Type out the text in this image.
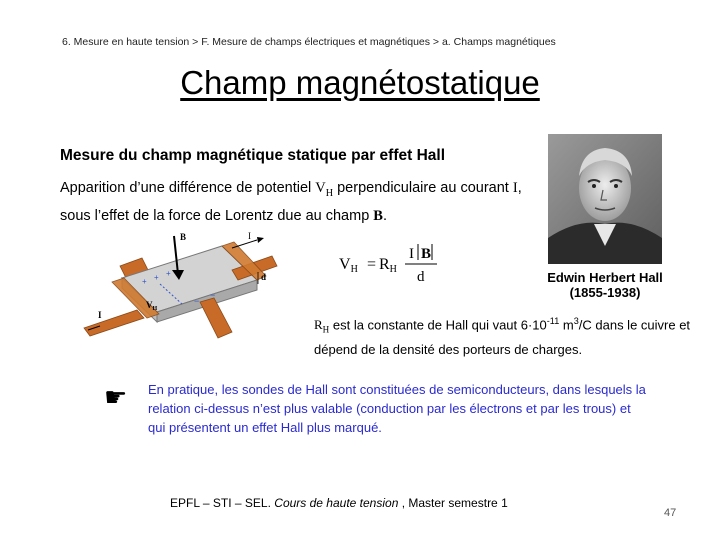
6. Mesure en haute tension > F. Mesure de champs électriques et magnétiques > a. Champs magnétiques
Champ magnétostatique
Mesure du champ magnétique statique par effet Hall
Apparition d’une différence de potentiel $V_H$ perpendiculaire au courant I, sous l’effet de la force de Lorentz due au champ B.
B	I
d
+ + +
−
−
$V_H$
I
VH = RH
I B
d	Edwin Herbert Hall
(1855-1938)
$R_H$ est la constante de Hall qui vaut $6\cdot 10^{-11}$ $m^3/C$ dans le cuivre et dépend de la densité des porteurs de charges.
☛ En pratique, les sondes de Hall sont constituées de semiconducteurs, dans lesquels la relation ci-dessus n’est plus valable (conduction par les électrons et par les trous) et qui présentent un effet Hall plus marqué.
EPFL – STI – SEL. Cours de haute tension , Master semestre 1
47
